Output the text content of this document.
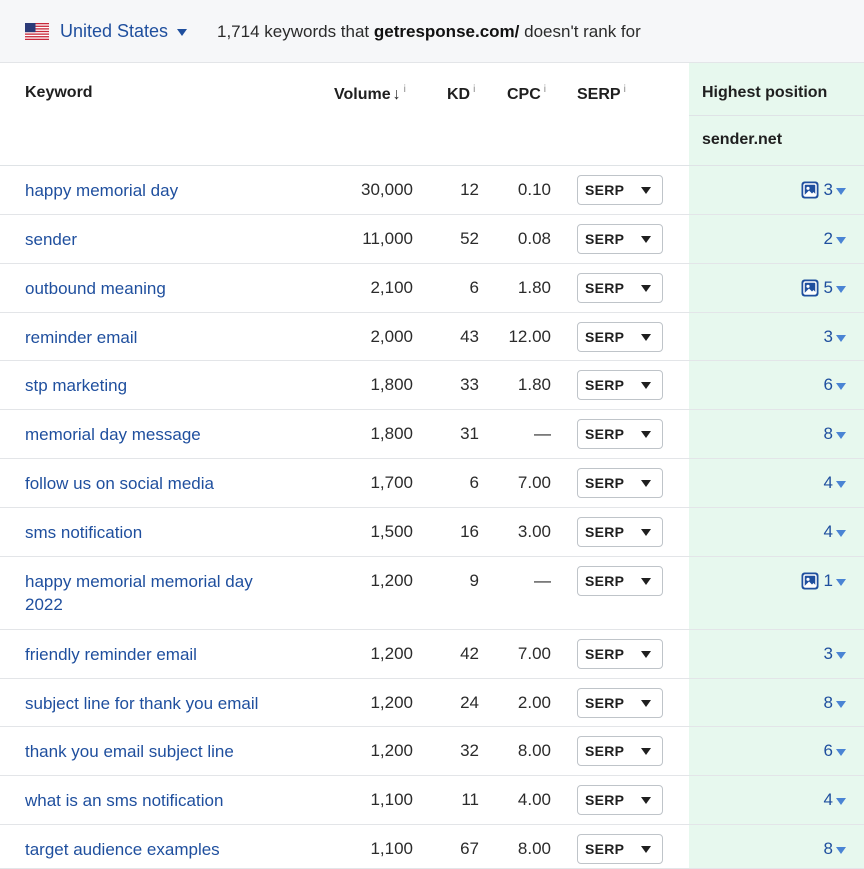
United States	1,714 keywords that getresponse.com/ doesn't rank for
Keyword	Volume ↓ $^i$	KD $^i$ CPC $^i$ SERP $^i$	Highest position
sender.net
happy memorial day	30,000	12	0.10 SERP	3
sender	11,000	52	0.08 SERP	2
outbound meaning	2,100	6	1.80 SERP	5
reminder email	2,000	43	12.00 SERP	3
stp marketing	1,800	33	1.80 SERP	6
memorial day message	1,800	31	— SERP	8
follow us on social media	1,700	6	7.00 SERP	4
sms notification	1,500	16	3.00 SERP	4
happy memorial memorial day 2022
1,200	9	— SERP	1
friendly reminder email	1,200	42	7.00 SERP	3
subject line for thank you email	1,200	24	2.00 SERP	8
thank you email subject line	1,200	32	8.00 SERP	6
what is an sms notification	1,100	11	4.00 SERP	4
target audience examples	1,100	67	8.00 SERP	8
